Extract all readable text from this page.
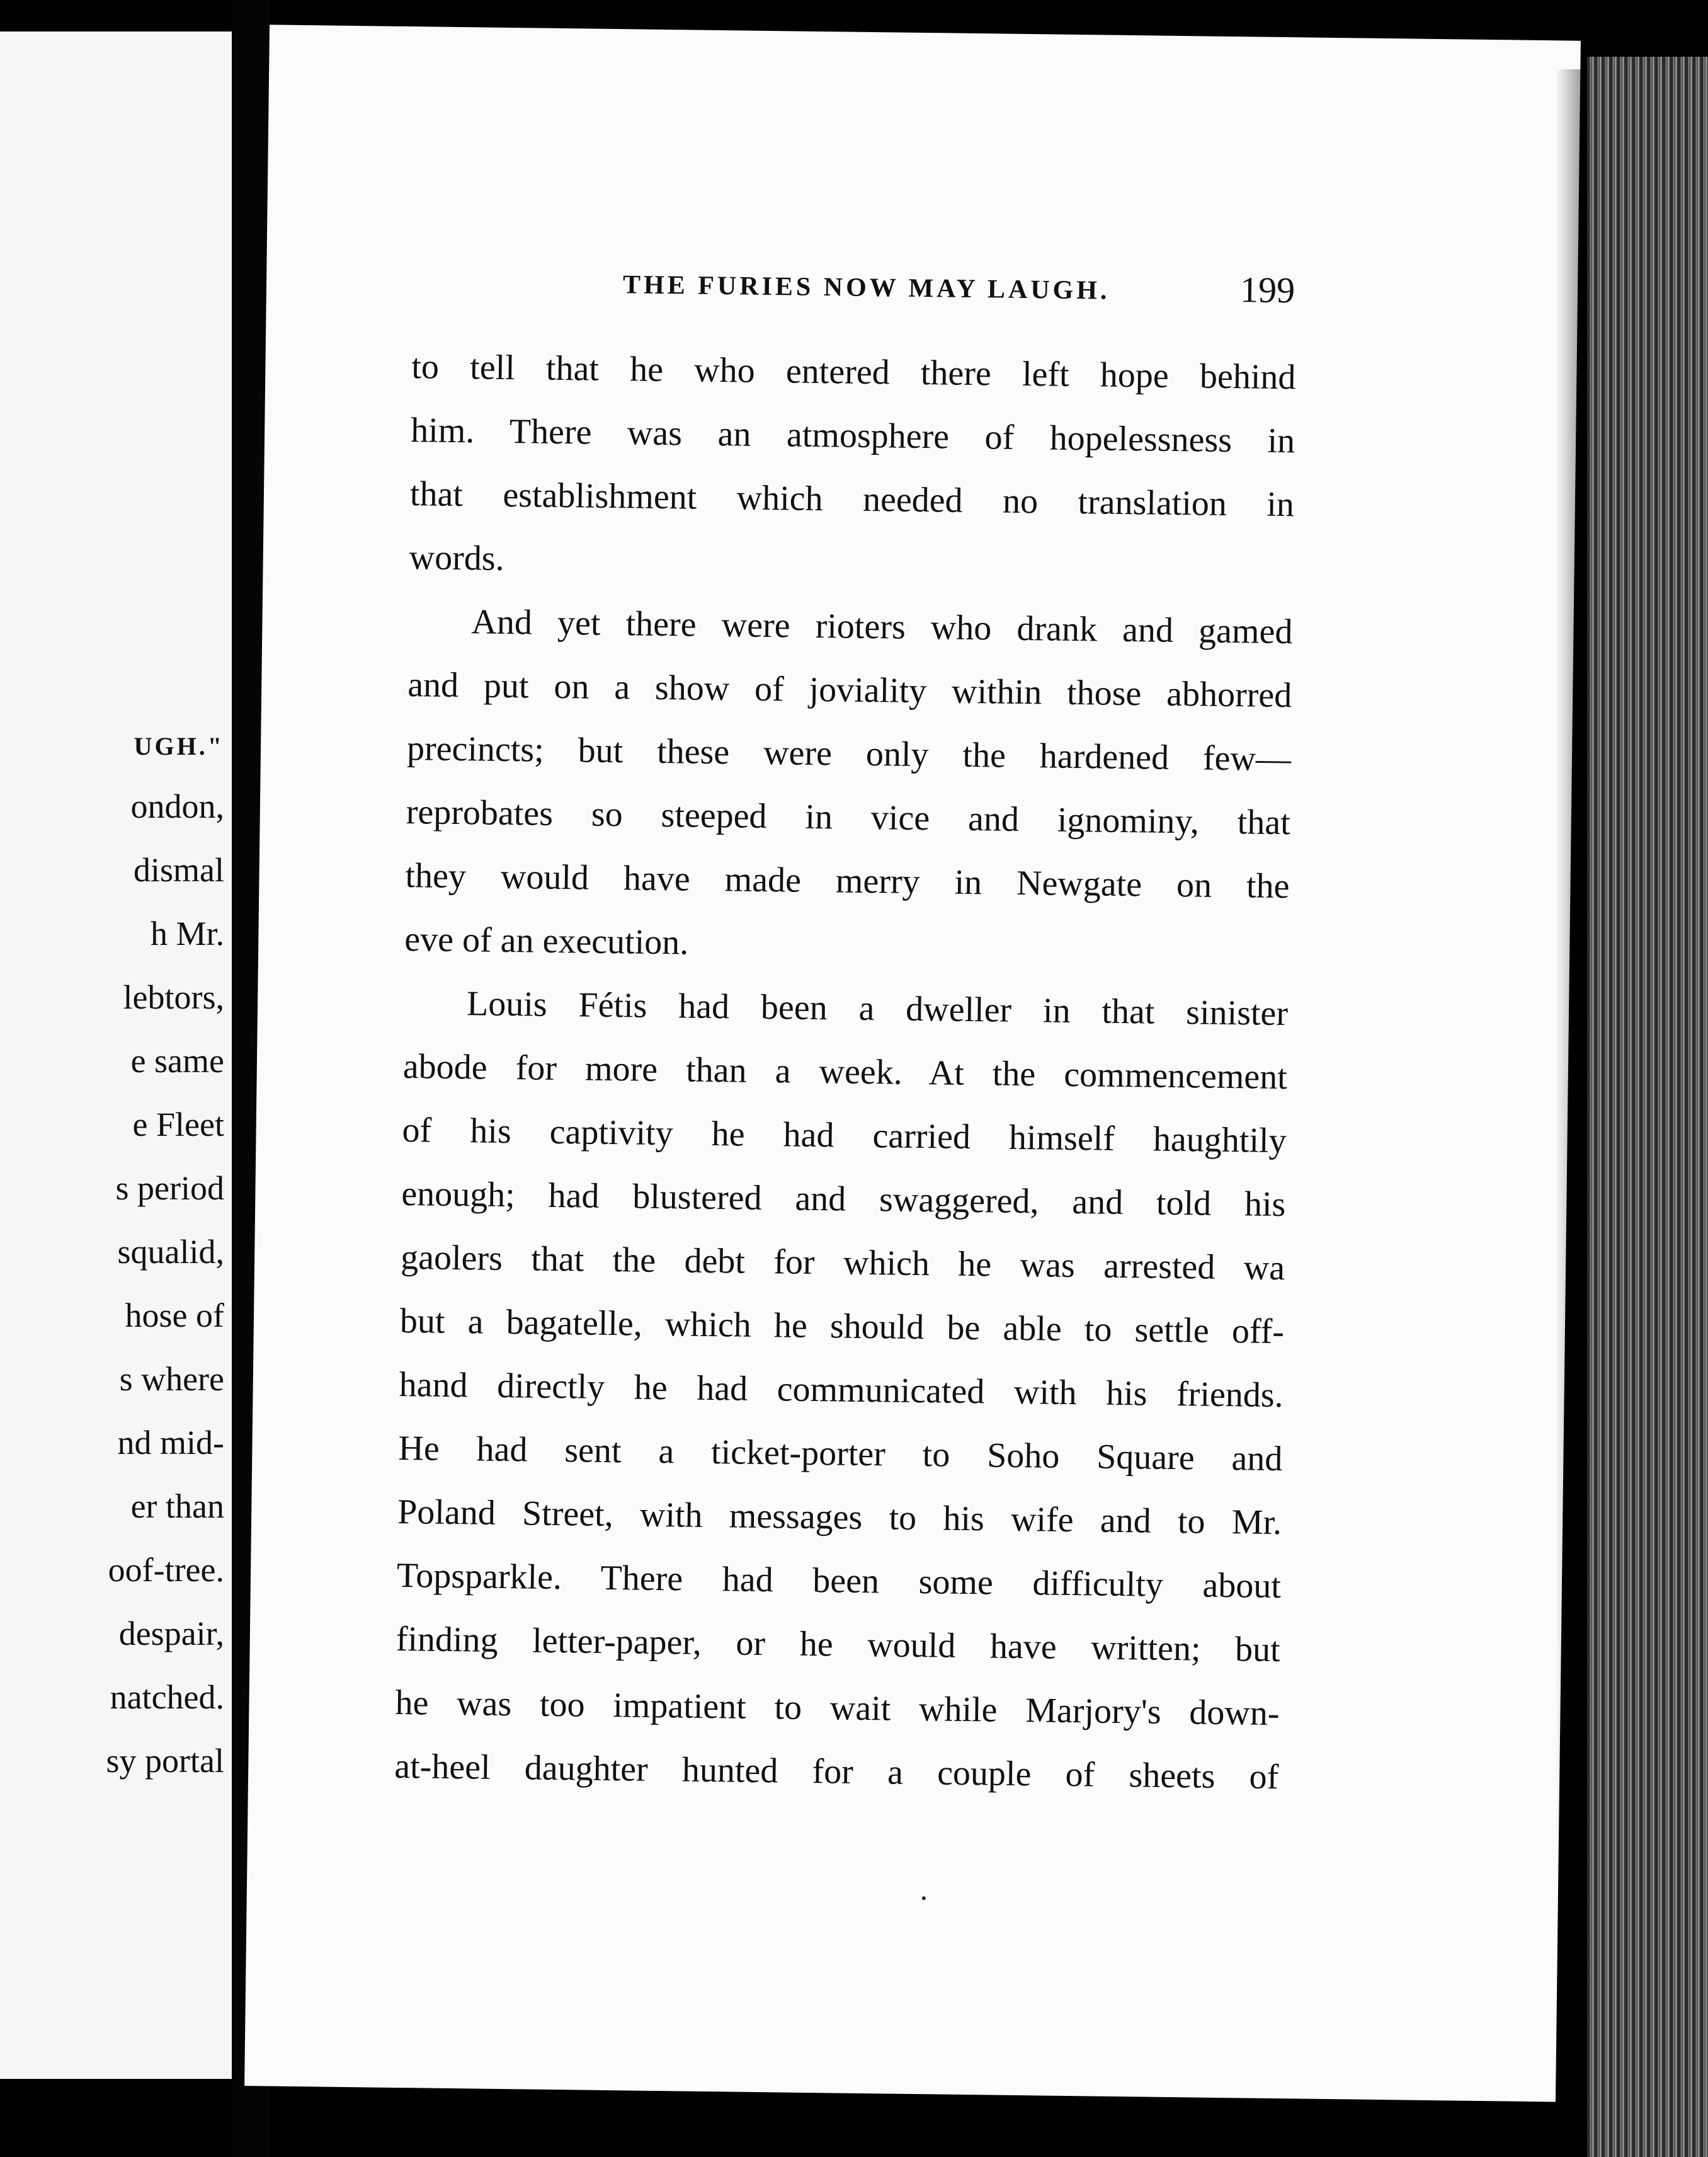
UGH."
ondon,
dismal
h Mr.
lebtors,
e same
e Fleet
s period
squalid,
hose of
s where
nd mid-
er than
oof-tree.
despair,
natched.
sy portal
THE FURIES NOW MAY LAUGH.	199
to tell that he who entered there left hope behind
him. There was an atmosphere of hopelessness in
that establishment which needed no translation in
words.
And yet there were rioters who drank and gamed
and put on a show of joviality within those abhorred
precincts; but these were only the hardened few—
reprobates so steeped in vice and ignominy, that
they would have made merry in Newgate on the
eve of an execution.
Louis Fétis had been a dweller in that sinister
abode for more than a week. At the commencement
of his captivity he had carried himself haughtily
enough; had blustered and swaggered, and told his
gaolers that the debt for which he was arrested wa
but a bagatelle, which he should be able to settle off-
hand directly he had communicated with his friends.
He had sent a ticket-porter to Soho Square and
Poland Street, with messages to his wife and to Mr.
Topsparkle. There had been some difficulty about
finding letter-paper, or he would have written; but
he was too impatient to wait while Marjory's down-
at-heel daughter hunted for a couple of sheets of
